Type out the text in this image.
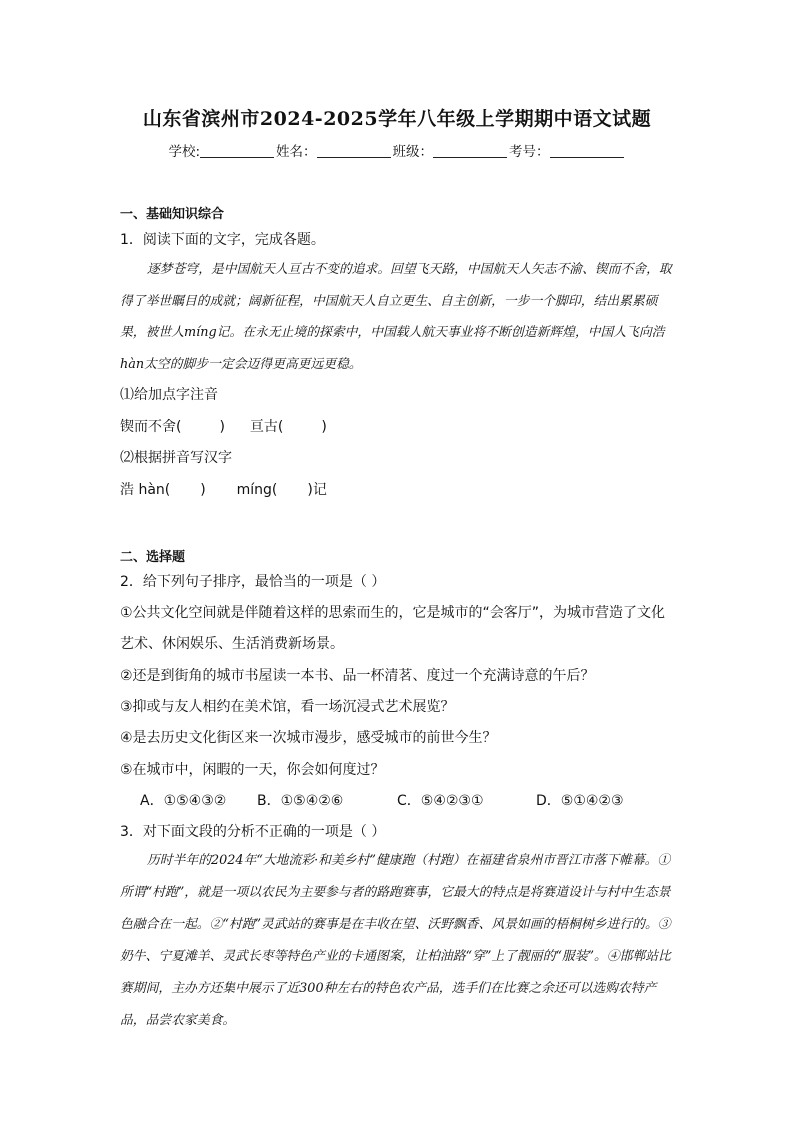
山东省滨州市2024-2025学年八年级上学期期中语文试题
学校:	姓名：	班级：	考号：
一、基础知识综合
1．阅读下面的文字，完成各题。
逐梦苍穹，是中国航天人亘古不变的追求。回望飞天路，中国航天人矢志不渝、锲而不舍，取得了举世瞩目的成就；阔新征程，中国航天人自立更生、自主创新，一步一个脚印，结出累累硕果，被世人míng记。在永无止境的探索中，中国载人航天事业将不断创造新辉煌，中国人飞向浩hàn太空的脚步一定会迈得更高更远更稳。
⑴给加点字注音
锲而不舍(	) 亘古(	)
⑵根据拼音写汉字
浩 hàn( ) míng( )记
二、选择题
2．给下列句子排序，最恰当的一项是（ ）
①公共文化空间就是伴随着这样的思索而生的，它是城市的“会客厅”，为城市营造了文化
艺术、休闲娱乐、生活消费新场景。
②还是到街角的城市书屋读一本书、品一杯清茗、度过一个充满诗意的午后？
③抑或与友人相约在美术馆，看一场沉浸式艺术展览？
④是去历史文化街区来一次城市漫步，感受城市的前世今生？
⑤在城市中，闲暇的一天，你会如何度过？
A．①⑤④③② B．①⑤④②⑥	C．⑤④②③①	D．⑤①④②③
3．对下面文段的分析不正确的一项是（ ）
历时半年的2024年“大地流彩·和美乡村”健康跑（村跑）在福建省泉州市晋江市落下帷幕。①所谓“村跑”，就是一项以农民为主要参与者的路跑赛事，它最大的特点是将赛道设计与村中生态景色融合在一起。②“村跑”灵武站的赛事是在丰收在望、沃野飘香、风景如画的梧桐树乡进行的。③奶牛、宁夏滩羊、灵武长枣等特色产业的卡通图案，让柏油路“穿”上了靓丽的“服装”。④邯郸站比赛期间，主办方还集中展示了近300种左右的特色农产品，选手们在比赛之余还可以选购农特产品，品尝农家美食。
